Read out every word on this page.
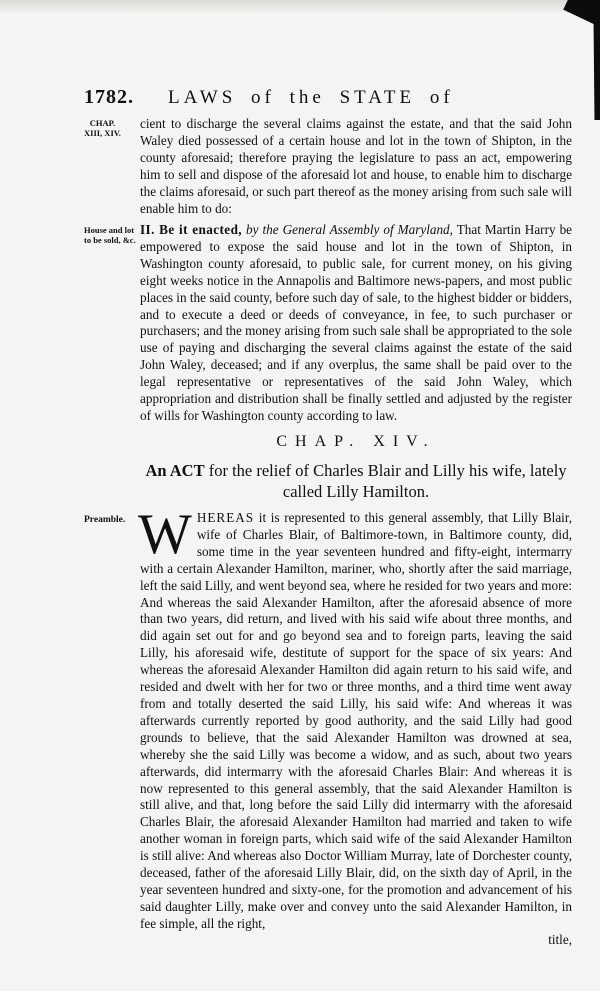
1782. LAWS of the STATE of
CHAP.
XIII, XIV.
House and lot
to be sold, &c.
Preamble.

cient to discharge the several claims against the estate, and that the said John Waley died possessed of a certain house and lot in the town of Shipton, in the county aforesaid; therefore praying the legislature to pass an act, empowering him to sell and dispose of the aforesaid lot and house, to enable him to discharge the claims aforesaid, or such part thereof as the money arising from such sale will enable him to do:

II. Be it enacted, by the General Assembly of Maryland, That Martin Harry be empowered to expose the said house and lot in the town of Shipton, in Washington county aforesaid, to public sale, for current money, on his giving eight weeks notice in the Annapolis and Baltimore news-papers, and most public places in the said county, before such day of sale, to the highest bidder or bidders, and to execute a deed or deeds of conveyance, in fee, to such purchaser or purchasers; and the money arising from such sale shall be appropriated to the sole use of paying and discharging the several claims against the estate of the said John Waley, deceased; and if any overplus, the same shall be paid over to the legal representative or representatives of the said John Waley, which appropriation and distribution shall be finally settled and adjusted by the register of wills for Washington county according to law.

CHAP. XIV.
An ACT for the relief of Charles Blair and Lilly his wife, lately called Lilly Hamilton.

WHEREAS it is represented to this general assembly, that Lilly Blair, wife of Charles Blair, of Baltimore-town, in Baltimore county, did, some time in the year seventeen hundred and fifty-eight, intermarry with a certain Alexander Hamilton, mariner, who, shortly after the said marriage, left the said Lilly, and went beyond sea, where he resided for two years and more: And whereas the said Alexander Hamilton, after the aforesaid absence of more than two years, did return, and lived with his said wife about three months, and did again set out for and go beyond sea and to foreign parts, leaving the said Lilly, his aforesaid wife, destitute of support for the space of six years: And whereas the aforesaid Alexander Hamilton did again return to his said wife, and resided and dwelt with her for two or three months, and a third time went away from and totally deserted the said Lilly, his said wife: And whereas it was afterwards currently reported by good authority, and the said Lilly had good grounds to believe, that the said Alexander Hamilton was drowned at sea, whereby she the said Lilly was become a widow, and as such, about two years afterwards, did intermarry with the aforesaid Charles Blair: And whereas it is now represented to this general assembly, that the said Alexander Hamilton is still alive, and that, long before the said Lilly did intermarry with the aforesaid Charles Blair, the aforesaid Alexander Hamilton had married and taken to wife another woman in foreign parts, which said wife of the said Alexander Hamilton is still alive: And whereas also Doctor William Murray, late of Dorchester county, deceased, father of the aforesaid Lilly Blair, did, on the sixth day of April, in the year seventeen hundred and sixty-one, for the promotion and advancement of his said daughter Lilly, make over and convey unto the said Alexander Hamilton, in fee simple, all the right,

title,
